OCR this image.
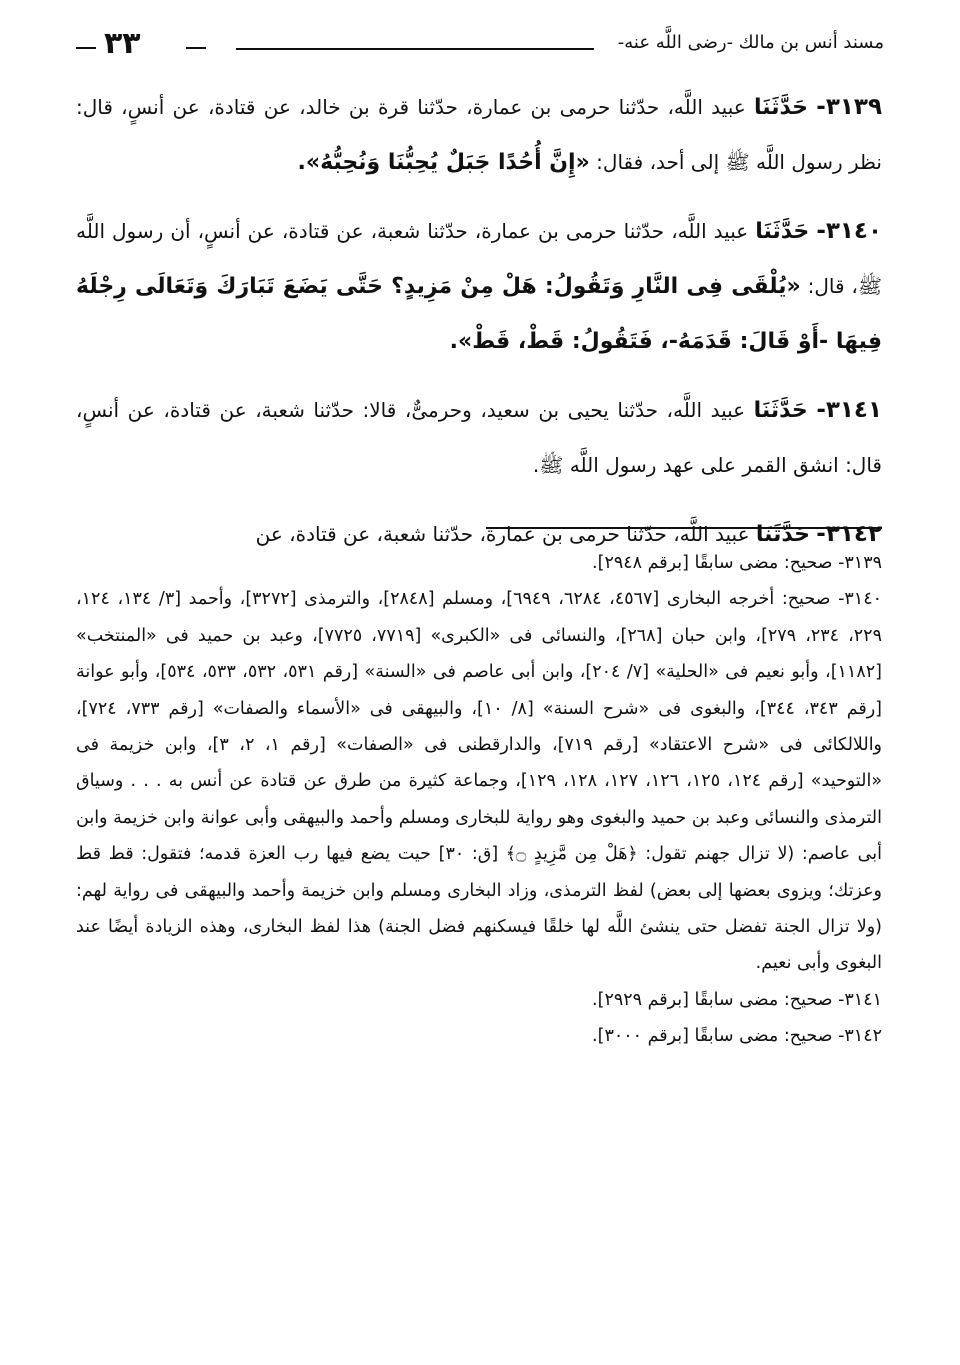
مسند أنس بن مالك -رضى اللَّه عنه-
٣٣

٣١٣٩- حَدَّثَنَا عبيد اللَّه، حدّثنا حرمى بن عمارة، حدّثنا قرة بن خالد، عن قتادة، عن أنسٍ، قال: نظر رسول اللَّه ﷺ إلى أحد، فقال: «إِنَّ أُحُدًا جَبَلٌ يُحِبُّنَا وَنُحِبُّهُ».

٣١٤٠- حَدَّثَنَا عبيد اللَّه، حدّثنا حرمى بن عمارة، حدّثنا شعبة، عن قتادة، عن أنسٍ، أن رسول اللَّه ﷺ، قال: «يُلْقَى فِى النَّارِ وَتَقُولُ: هَلْ مِنْ مَزِيدٍ؟ حَتَّى يَضَعَ تَبَارَكَ وَتَعَالَى رِجْلَهُ فِيهَا -أَوْ قَالَ: قَدَمَهُ-، فَتَقُولُ: قَطْ، قَطْ».

٣١٤١- حَدَّثَنَا عبيد اللَّه، حدّثنا يحيى بن سعيد، وحرمىٌّ، قالا: حدّثنا شعبة، عن قتادة، عن أنسٍ، قال: انشق القمر على عهد رسول اللَّه ﷺ.

٣١٤٢- حَدَّثَنَا عبيد اللَّه، حدّثنا حرمى بن عمارة، حدّثنا شعبة، عن قتادة، عن

٣١٣٩- صحيح: مضى سابقًا [برقم ٢٩٤٨].

٣١٤٠- صحيح: أخرجه البخارى [٤٥٦٧، ٦٢٨٤، ٦٩٤٩]، ومسلم [٢٨٤٨]، والترمذى [٣٢٧٢]، وأحمد [٣/ ١٣٤، ١٢٤، ٢٢٩، ٢٣٤، ٢٧٩]، وابن حبان [٢٦٨]، والنسائى فى «الكبرى» [٧٧١٩، ٧٧٢٥]، وعبد بن حميد فى «المنتخب» [١١٨٢]، وأبو نعيم فى «الحلية» [٧/ ٢٠٤]، وابن أبى عاصم فى «السنة» [رقم ٥٣١، ٥٣٢، ٥٣٣، ٥٣٤]، وأبو عوانة [رقم ٣٤٣، ٣٤٤]، والبغوى فى «شرح السنة» [٨/ ١٠]، والبيهقى فى «الأسماء والصفات» [رقم ٧٣٣، ٧٢٤]، واللالكائى فى «شرح الاعتقاد» [رقم ٧١٩]، والدارقطنى فى «الصفات» [رقم ١، ٢، ٣]، وابن خزيمة فى «التوحيد» [رقم ١٢٤، ١٢٥، ١٢٦، ١٢٧، ١٢٨، ١٢٩]، وجماعة كثيرة من طرق عن قتادة عن أنس به . . . وسياق الترمذى والنسائى وعبد بن حميد والبغوى وهو رواية للبخارى ومسلم وأحمد والبيهقى وأبى عوانة وابن خزيمة وابن أبى عاصم: (لا تزال جهنم تقول: ﴿هَلْ مِن مَّزِيدٍ ۝﴾ [ق: ٣٠] حيت يضع فيها رب العزة قدمه؛ فتقول: قط قط وعزتك؛ ويزوى بعضها إلى بعض) لفظ الترمذى، وزاد البخارى ومسلم وابن خزيمة وأحمد والبيهقى فى رواية لهم: (ولا تزال الجنة تفضل حتى ينشئ اللَّه لها خلقًا فيسكنهم فضل الجنة) هذا لفظ البخارى، وهذه الزيادة أيضًا عند البغوى وأبى نعيم.

٣١٤١- صحيح: مضى سابقًا [برقم ٢٩٢٩].

٣١٤٢- صحيح: مضى سابقًا [برقم ٣٠٠٠].
